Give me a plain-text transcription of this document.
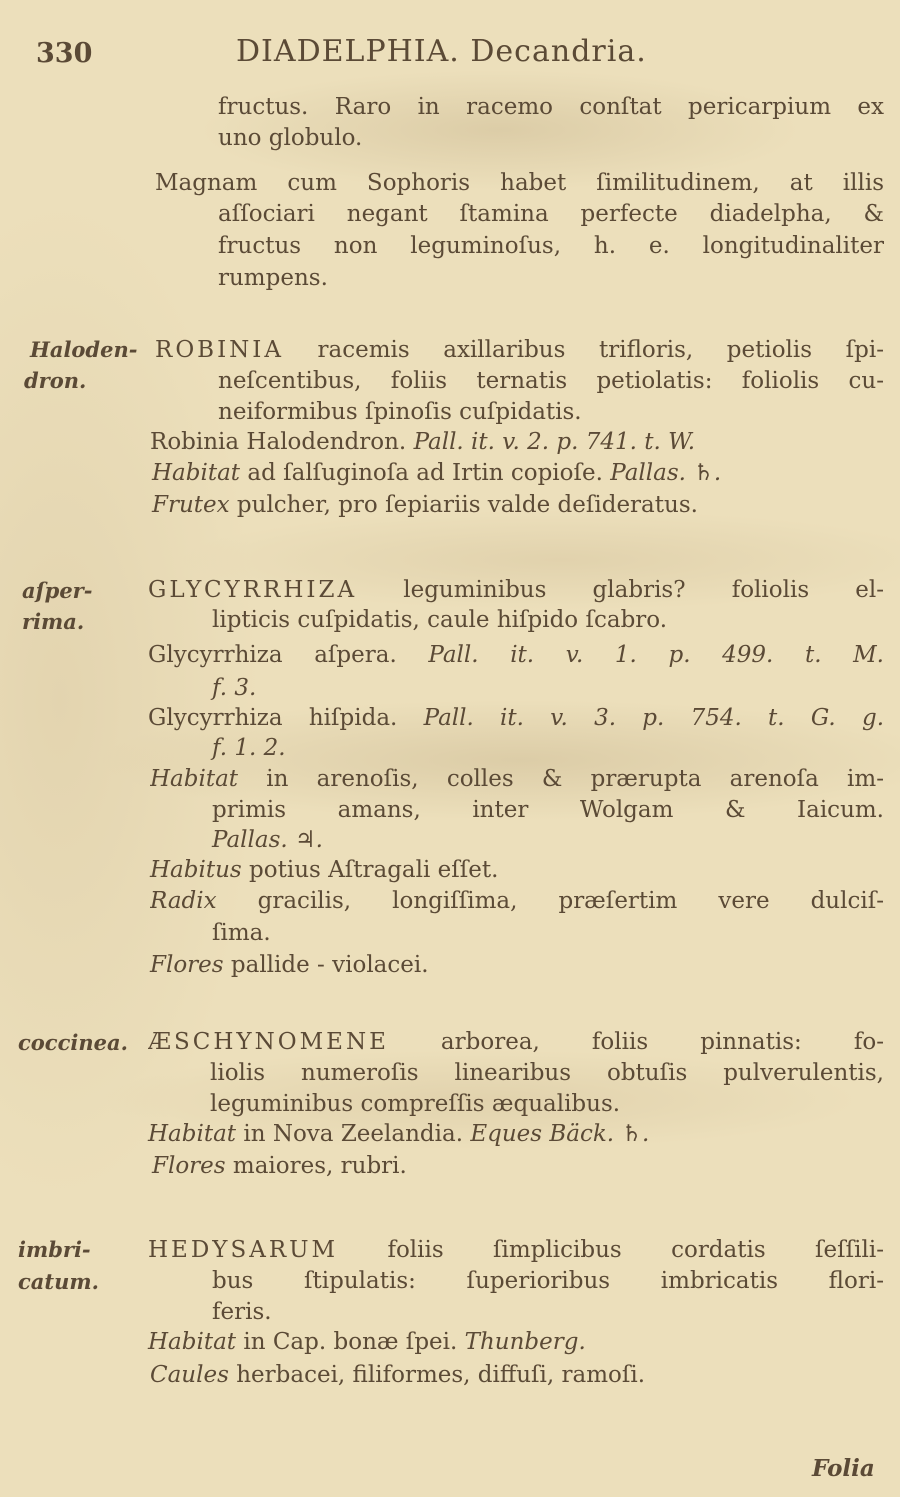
330	DIADELPHIA. Decandria.
Folia
fructus. Raro in racemo conſtat pericarpium ex
uno globulo.
Magnam cum Sophoris habet ſimilitudinem, at illis
aſſociari negant ſtamina perfecte diadelpha, &
fructus non leguminoſus, h. e. longitudinaliter
rumpens.
ROBINIA racemis axillaribus trifloris, petiolis ſpi-
neſcentibus, foliis ternatis petiolatis: foliolis cu-
neiformibus ſpinoſis cuſpidatis.
Robinia Halodendron. Pall. it. v. 2. p. 741. t. W.
Habitat ad ſalſuginoſa ad Irtin copioſe. Pallas. ♄.
Frutex pulcher, pro ſepiariis valde deſideratus.
GLYCYRRHIZA leguminibus glabris? foliolis el-
lipticis cuſpidatis, caule hiſpido ſcabro.
Glycyrrhiza aſpera. Pall. it. v. 1. p. 499. t. M.
f. 3.
Glycyrrhiza hiſpida. Pall. it. v. 3. p. 754. t. G. g.
f. 1. 2.
Habitat in arenoſis, colles & prærupta arenoſa im-
primis amans, inter Wolgam & Iaicum.
Pallas. ♃.
Habitus potius Aſtragali eſſet.
Radix gracilis, longiſſima, præſertim vere dulciſ-
ſima.
Flores pallide - violacei.
ÆSCHYNOMENE arborea, foliis pinnatis: fo-
liolis numeroſis linearibus obtuſis pulverulentis,
leguminibus compreſſis æqualibus.
Habitat in Nova Zeelandia. Eques Bäck. ♄.
Flores maiores, rubri.
HEDYSARUM foliis ſimplicibus cordatis ſeſſili-
bus ſtipulatis: ſuperioribus imbricatis flori-
feris.
Habitat in Cap. bonæ ſpei. Thunberg.
Caules herbacei, filiformes, diffuſi, ramoſi.
Haloden-
dron.
aſper-
rima.
coccinea.
imbri-
catum.
